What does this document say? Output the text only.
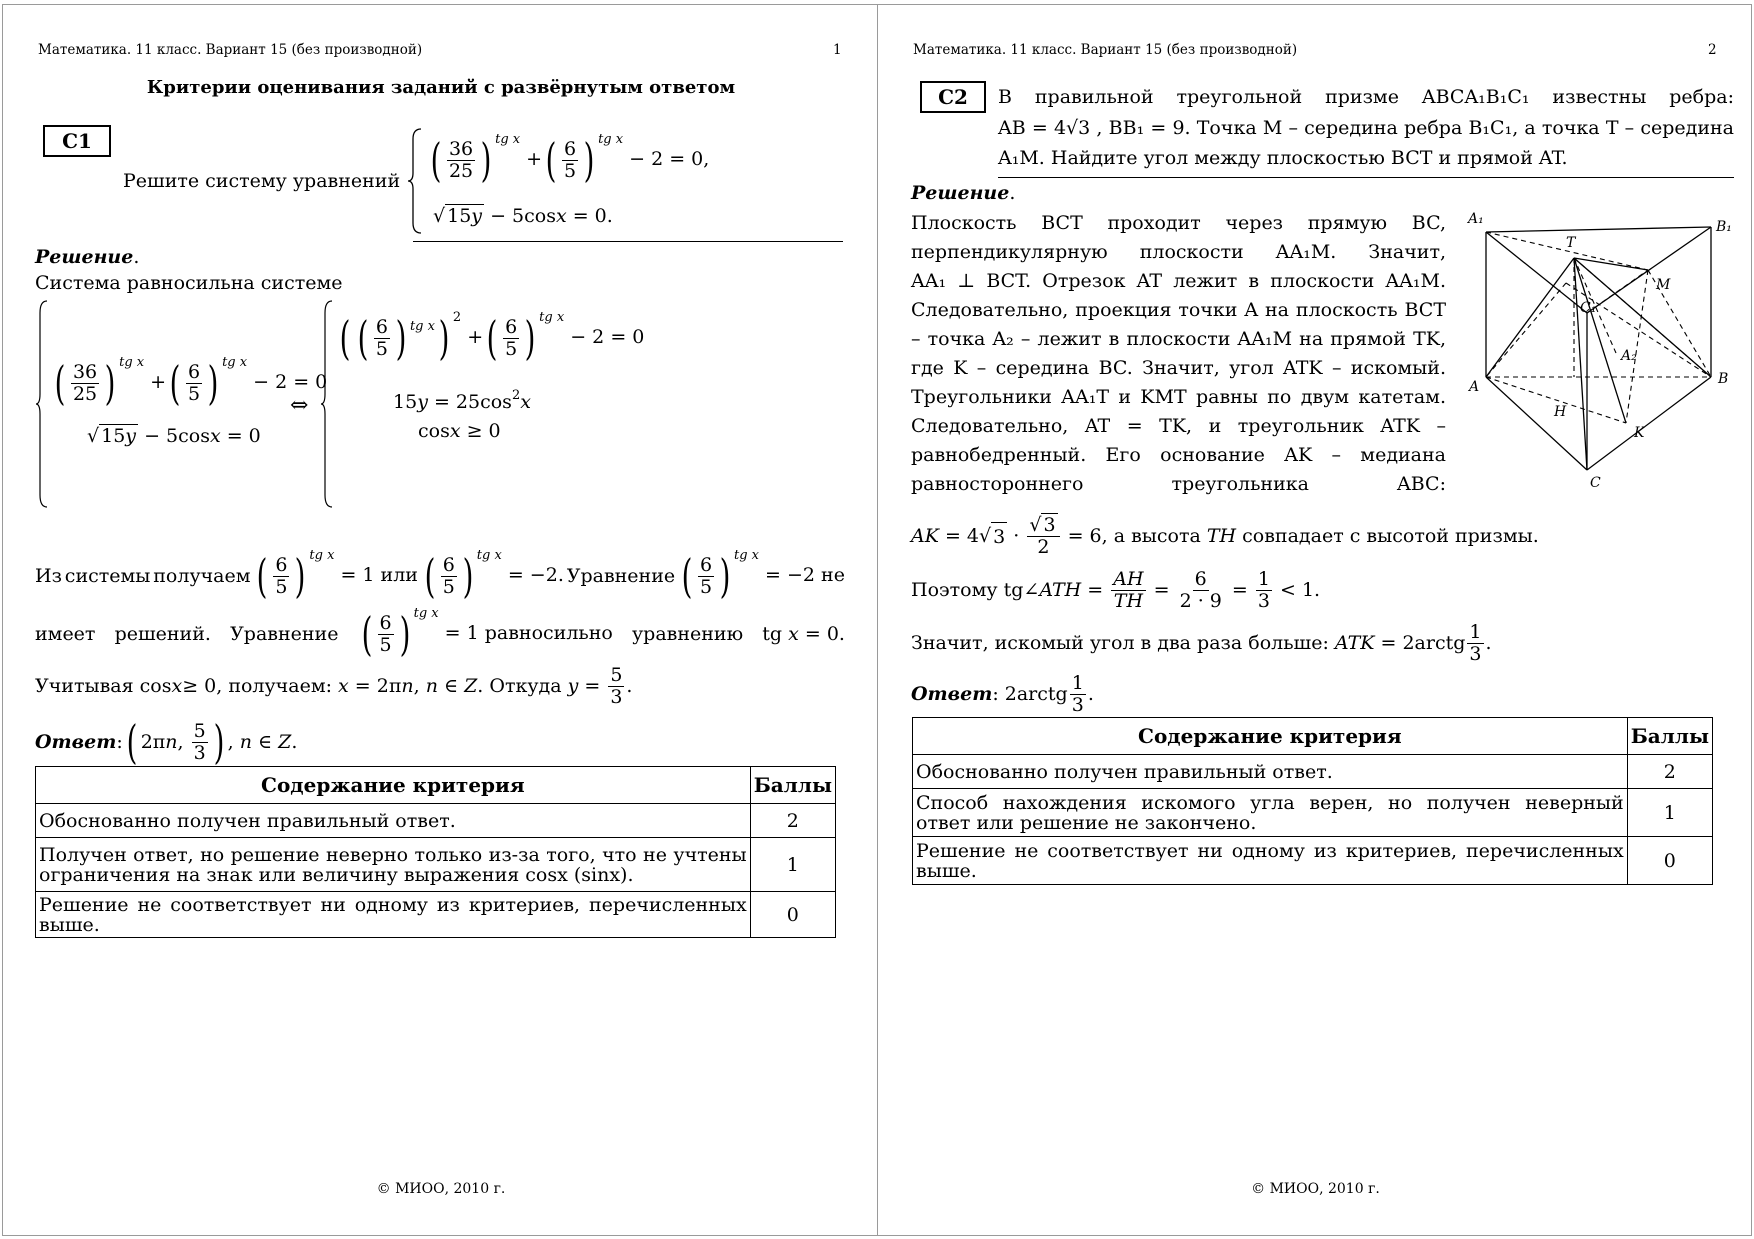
Математика. 11 класс. Вариант 15 (без производной)	1
Критерии оценивания заданий с развёрнутым ответом
С1
Решите систему уравнений ( $\frac{36}{25}$ ) $^{tg x}$ + ( $\frac{6}{5}$ ) $^{tg x}$ − 2 = 0,
√ 15y − 5cosx = 0.
Решение.
Система равносильна системе
( $\frac{36}{25}$ ) $^{tg x}$ + ( $\frac{6}{5}$ ) $^{tg x}$ − 2 = 0
√ 15y − 5cosx = 0
⇔
( ( $\frac{6}{5}$ ) tg x ) $^2$ + ( $\frac{6}{5}$ ) $^{tg x}$ − 2 = 0
$15y = 25\cos^2x$
cosx ≥ 0
Из системы получаем ( $\frac{6}{5}$ ) $^{tg x}$ = 1 или ( $\frac{6}{5}$ ) $^{tg x}$ = −2. Уравнение ( $\frac{6}{5}$ ) $^{tg x}$ = −2 не
имеет решений. Уравнение ( $\frac{6}{5}$ ) $^{tg x}$ = 1 равносильно уравнению tg x = 0.
Учитывая cos x ≥ 0, получаем: x = 2π n , n ∈ Z . Откуда $y = \frac{5}{3}$ .
Ответ : ( 2π n , $\frac{5}{3}$ ) , n ∈ Z .
Содержание критерия	Баллы
Обоснованно получен правильный ответ.	2
Получен ответ, но решение неверно только из-за того, что не учтены ограничения на знак или величину выражения cosx (sinx).	1
Решение не соответствует ни одному из критериев, перечисленных выше.	0
© МИОО, 2010 г.
Математика. 11 класс. Вариант 15 (без производной)	2
С2	В правильной треугольной призме ABCA₁B₁C₁ известны ребра:
AB = 4√3 , BB₁ = 9. Точка M – середина ребра B₁C₁, а точка T – середина
A₁M. Найдите угол между плоскостью BCT и прямой AT.
Решение.
Плоскость BCT проходит через прямую BC,
перпендикулярную плоскости AA₁M. Значит,
AA₁ ⊥ BCT. Отрезок AT лежит в плоскости AA₁M.
Следовательно, проекция точки A на плоскость BCT
– точка A₂ – лежит в плоскости AA₁M на прямой TK,
где K – середина BC. Значит, угол ATK – искомый.
Треугольники AA₁T и KMT равны по двум катетам.
Следовательно, AT = TK, и треугольник ATK –
равнобедренный. Его основание AK – медиана
равностороннего треугольника ABC:
A₁	B₁
T
M
C₁
A₂
A	B
H
K
C
AK = 4√ $3 \cdot \frac{√ 3}{2} = 6$, а высота TH совпадает с высотой призмы.
Поэтому tg∠ ATH = $\frac{AH}{TH} = \frac{6}{2 \cdot 9} = \frac{1}{3} < 1$.
Значит, искомый угол в два раза больше: ATK = 2arctg $\frac{1}{3}$ .
Ответ : 2arctg $\frac{1}{3}$ .
Содержание критерия	Баллы
Обоснованно получен правильный ответ.	2
Способ нахождения искомого угла верен, но получен неверный ответ или решение не закончено.	1
Решение не соответствует ни одному из критериев, перечисленных выше.	0
© МИОО, 2010 г.
